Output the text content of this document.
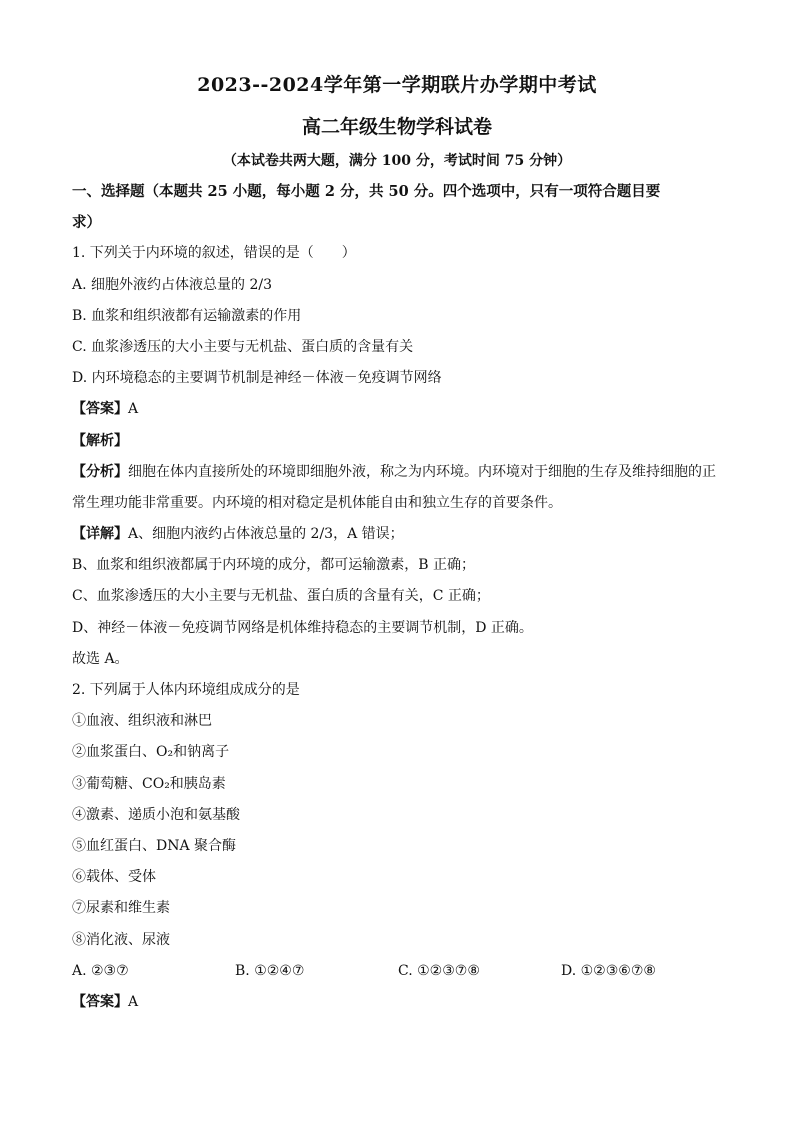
2023--2024学年第一学期联片办学期中考试
高二年级生物学科试卷
（本试卷共两大题，满分 100 分，考试时间 75 分钟）
一、选择题（本题共 25 小题，每小题 2 分，共 50 分。四个选项中，只有一项符合题目要
求）
1. 下列关于内环境的叙述，错误的是（　　）
A. 细胞外液约占体液总量的 2/3
B. 血浆和组织液都有运输激素的作用
C. 血浆渗透压的大小主要与无机盐、蛋白质的含量有关
D. 内环境稳态的主要调节机制是神经－体液－免疫调节网络
【答案】A
【解析】
【分析】细胞在体内直接所处的环境即细胞外液，称之为内环境。内环境对于细胞的生存及维持细胞的正
常生理功能非常重要。内环境的相对稳定是机体能自由和独立生存的首要条件。
【详解】A、细胞内液约占体液总量的 2/3，A 错误；
B、血浆和组织液都属于内环境的成分，都可运输激素，B 正确；
C、血浆渗透压的大小主要与无机盐、蛋白质的含量有关，C 正确；
D、神经－体液－免疫调节网络是机体维持稳态的主要调节机制，D 正确。
故选 A。
2. 下列属于人体内环境组成成分的是
①血液、组织液和淋巴
②血浆蛋白、O₂和钠离子
③葡萄糖、CO₂和胰岛素
④激素、递质小泡和氨基酸
⑤血红蛋白、DNA 聚合酶
⑥载体、受体
⑦尿素和维生素
⑧消化液、尿液
A. ②③⑦	B. ①②④⑦	C. ①②③⑦⑧	D. ①②③⑥⑦⑧
【答案】A
